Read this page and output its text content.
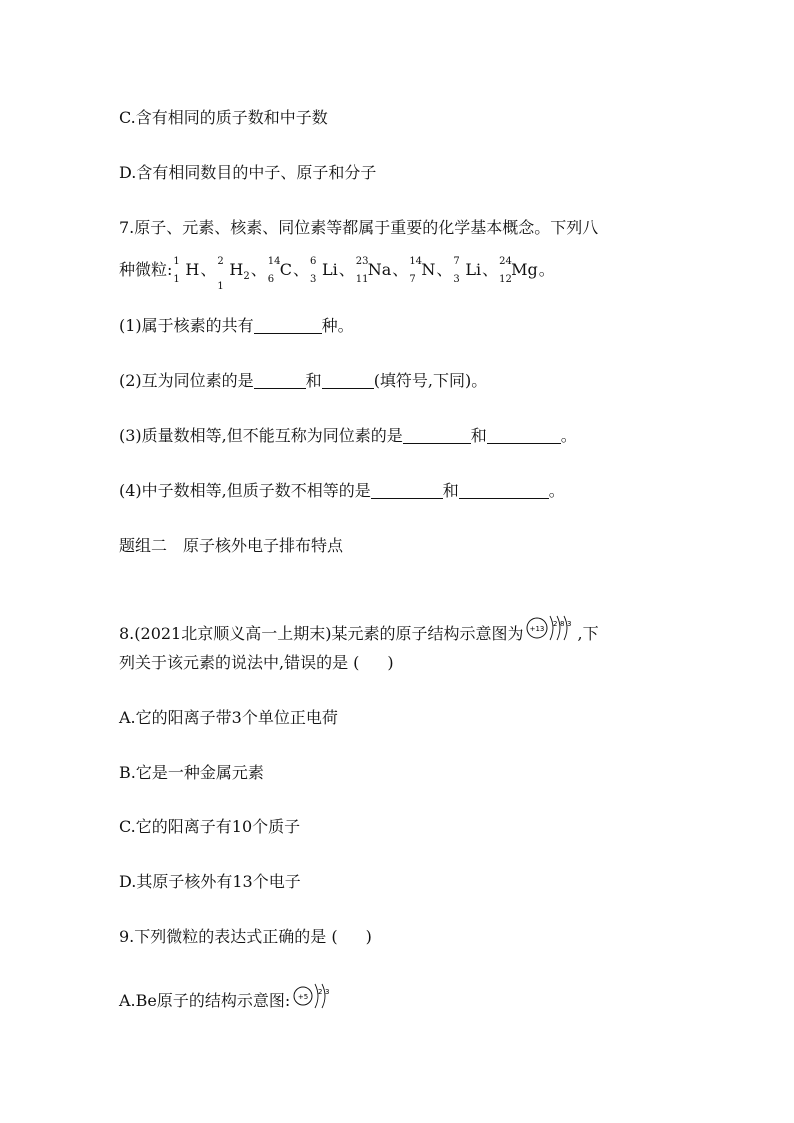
C.含有相同的质子数和中子数
D.含有相同数目的中子、原子和分子
7.原子、元素、核素、同位素等都属于重要的化学基本概念。下列八
种微粒: 1
1
H、 2
1
$H_2$、 14
6
C、 6
3
Li、 23
11
Na、 14
7
N、 7
3
Li、 24
12
Mg。
(1)属于核素的共有	种。
(2)互为同位素的是	和	(填符号,下同)。
(3)质量数相等,但不能互称为同位素的是	和	。
(4)中子数相等,但质子数不相等的是	和	。
题组二　原子核外电子排布特点
8.(2021北京顺义高一上期末)某元素的原子结构示意图为 +13
2 8 3 ,下
列关于该元素的说法中,错误的是 ( )
A.它的阳离子带3个单位正电荷
B.它是一种金属元素
C.它的阳离子有10个质子
D.其原子核外有13个电子
9.下列微粒的表达式正确的是 ( )
A.Be原子的结构示意图: +5
2 3
